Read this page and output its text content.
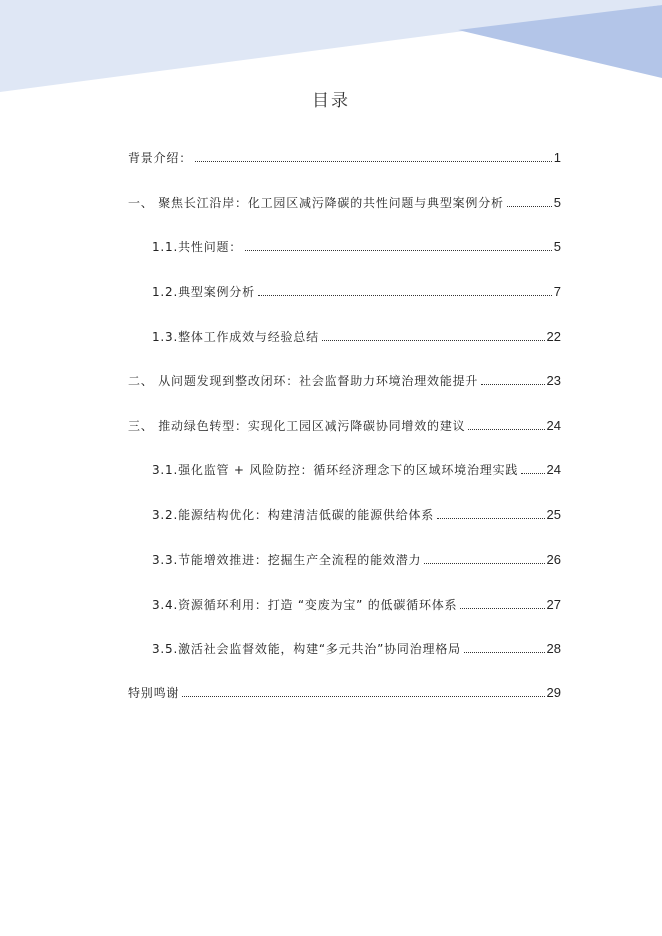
目录
背景介绍：	1
一、 聚焦长江沿岸：化工园区减污降碳的共性问题与典型案例分析	5
1.1.共性问题：	5
1.2.典型案例分析	7
1.3.整体工作成效与经验总结	22
二、 从问题发现到整改闭环：社会监督助力环境治理效能提升	23
三、 推动绿色转型：实现化工园区减污降碳协同增效的建议	24
3.1.强化监管 + 风险防控：循环经济理念下的区域环境治理实践 24
3.2.能源结构优化：构建清洁低碳的能源供给体系	25
3.3.节能增效推进：挖掘生产全流程的能效潜力	26
3.4.资源循环利用：打造 “变废为宝” 的低碳循环体系	27
3.5.激活社会监督效能，构建“多元共治”协同治理格局	28
特别鸣谢	29
